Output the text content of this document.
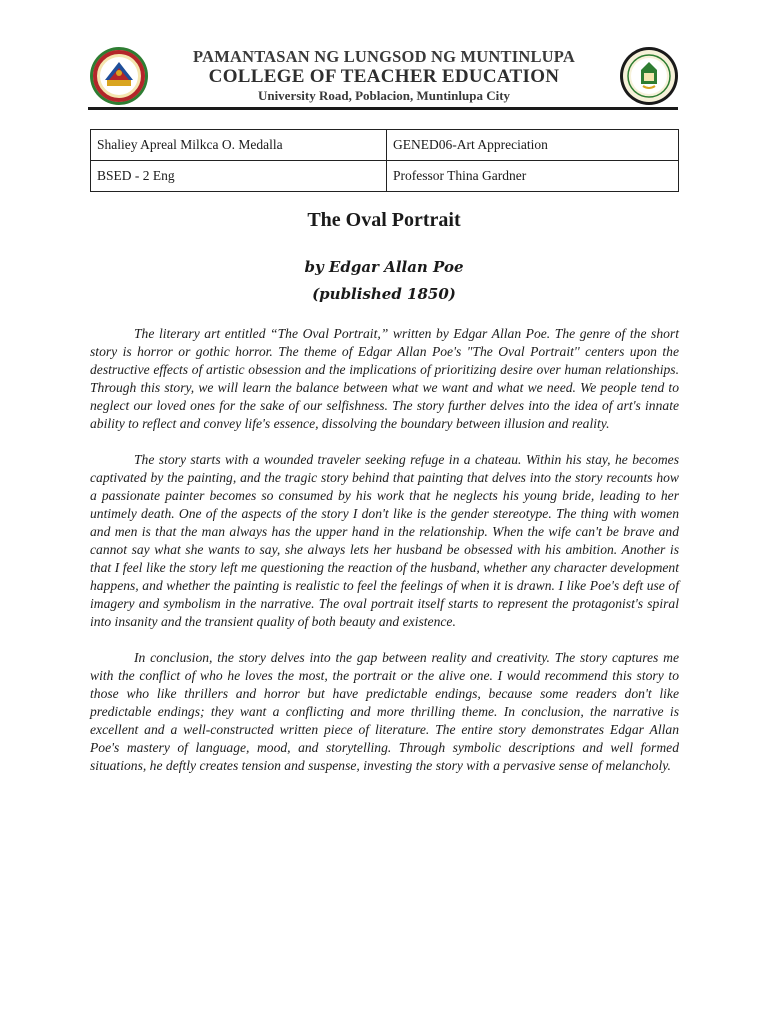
PAMANTASAN NG LUNGSOD NG MUNTINLUPA
COLLEGE OF TEACHER EDUCATION
University Road, Poblacion, Muntinlupa City
Shaliey Apreal Milkca O. Medalla	GENED06-Art Appreciation
BSED - 2 Eng	Professor Thina Gardner
The Oval Portrait
by Edgar Allan Poe
(published 1850)

The literary art entitled “The Oval Portrait,” written by Edgar Allan Poe. The genre of the short story is horror or gothic horror. The theme of Edgar Allan Poe's "The Oval Portrait'' centers upon the destructive effects of artistic obsession and the implications of prioritizing desire over human relationships. Through this story, we will learn the balance between what we want and what we need. We people tend to neglect our loved ones for the sake of our selfishness. The story further delves into the idea of art's innate ability to reflect and convey life's essence, dissolving the boundary between illusion and reality.

The story starts with a wounded traveler seeking refuge in a chateau. Within his stay, he becomes captivated by the painting, and the tragic story behind that painting that delves into the story recounts how a passionate painter becomes so consumed by his work that he neglects his young bride, leading to her untimely death. One of the aspects of the story I don't like is the gender stereotype. The thing with women and men is that the man always has the upper hand in the relationship. When the wife can't be brave and cannot say what she wants to say, she always lets her husband be obsessed with his ambition. Another is that I feel like the story left me questioning the reaction of the husband, whether any character development happens, and whether the painting is realistic to feel the feelings of when it is drawn. I like Poe's deft use of imagery and symbolism in the narrative. The oval portrait itself starts to represent the protagonist's spiral into insanity and the transient quality of both beauty and existence.

In conclusion, the story delves into the gap between reality and creativity. The story captures me with the conflict of who he loves the most, the portrait or the alive one. I would recommend this story to those who like thrillers and horror but have predictable endings, because some readers don't like predictable endings; they want a conflicting and more thrilling theme. In conclusion, the narrative is excellent and a well-constructed written piece of literature. The entire story demonstrates Edgar Allan Poe's mastery of language, mood, and storytelling. Through symbolic descriptions and well formed situations, he deftly creates tension and suspense, investing the story with a pervasive sense of melancholy.
